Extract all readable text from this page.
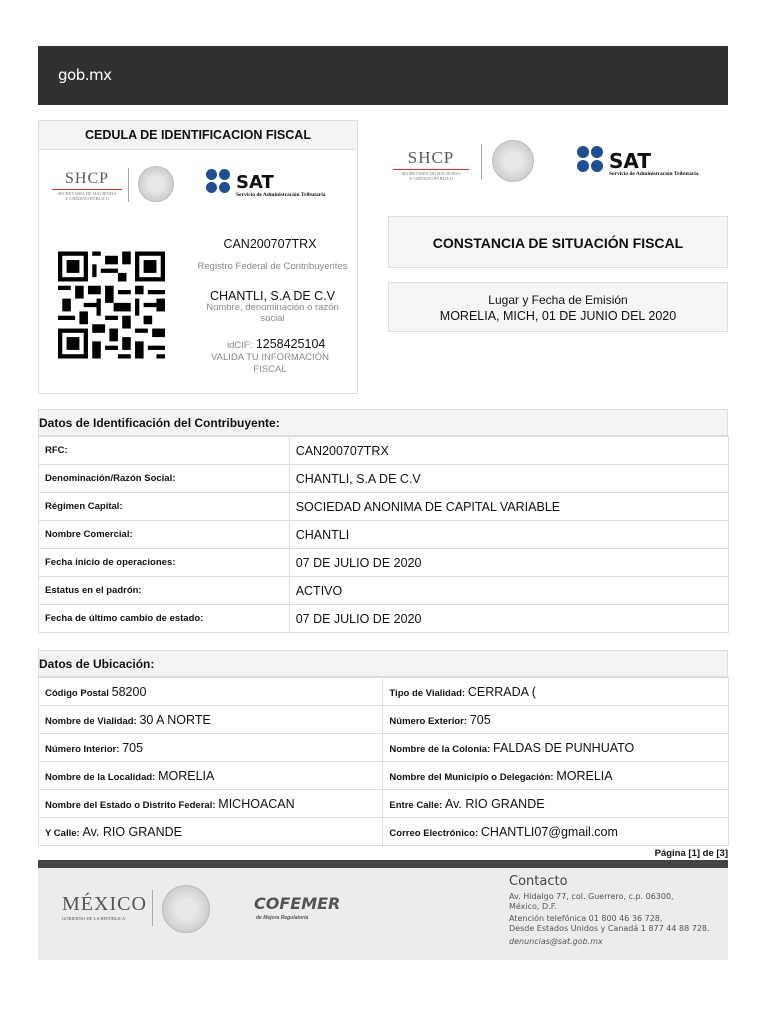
gob.mx
CEDULA DE IDENTIFICACION FISCAL
SHCP
SECRETARÍA DE HACIENDA
Y CRÉDITO PÚBLICO
SAT
Servicio de Administración Tributaria
CAN200707TRX
Registro Federal de Contribuyentes
CHANTLI, S.A DE C.V
Nombre, denominación o razón social
idCIF: 1258425104
VALIDA TU INFORMACIÓN FISCAL
SHCP
SECRETARÍA DE HACIENDA
Y CRÉDITO PÚBLICO
SAT
Servicio de Administración Tributaria
CONSTANCIA DE SITUACIÓN FISCAL
Lugar y Fecha de Emisión
MORELIA, MICH, 01 DE JUNIO DEL 2020
Datos de Identificación del Contribuyente:
RFC:	CAN200707TRX
Denominación/Razón Social:	CHANTLI, S.A DE C.V
Régimen Capital:	SOCIEDAD ANONIMA DE CAPITAL VARIABLE
Nombre Comercial:	CHANTLI
Fecha inicio de operaciones:	07 DE JULIO DE 2020
Estatus en el padrón:	ACTIVO
Fecha de último cambio de estado:	07 DE JULIO DE 2020
Datos de Ubicación:
Código Postal 58200	Tipo de Vialidad: CERRADA (
Nombre de Vialidad: 30 A NORTE	Número Exterior: 705
Número Interior: 705	Nombre de la Colonia: FALDAS DE PUNHUATO
Nombre de la Localidad: MORELIA	Nombre del Municipio o Delegación: MORELIA
Nombre del Estado o Distrito Federal: MICHOACAN	Entre Calle: Av. RIO GRANDE
Y Calle: Av. RIO GRANDE	Correo Electrónico: CHANTLI07@gmail.com
Página [1] de [3]
MÉXICO
GOBIERNO DE LA REPÚBLICA
COFEMER
de Mejora Regulatoria
Contacto
Av. Hidalgo 77, col. Guerrero, c.p. 06300,
México, D.F.
Atención telefónica 01 800 46 36 728,
Desde Estados Unidos y Canadá 1 877 44 88 728.
denuncias@sat.gob.mx
